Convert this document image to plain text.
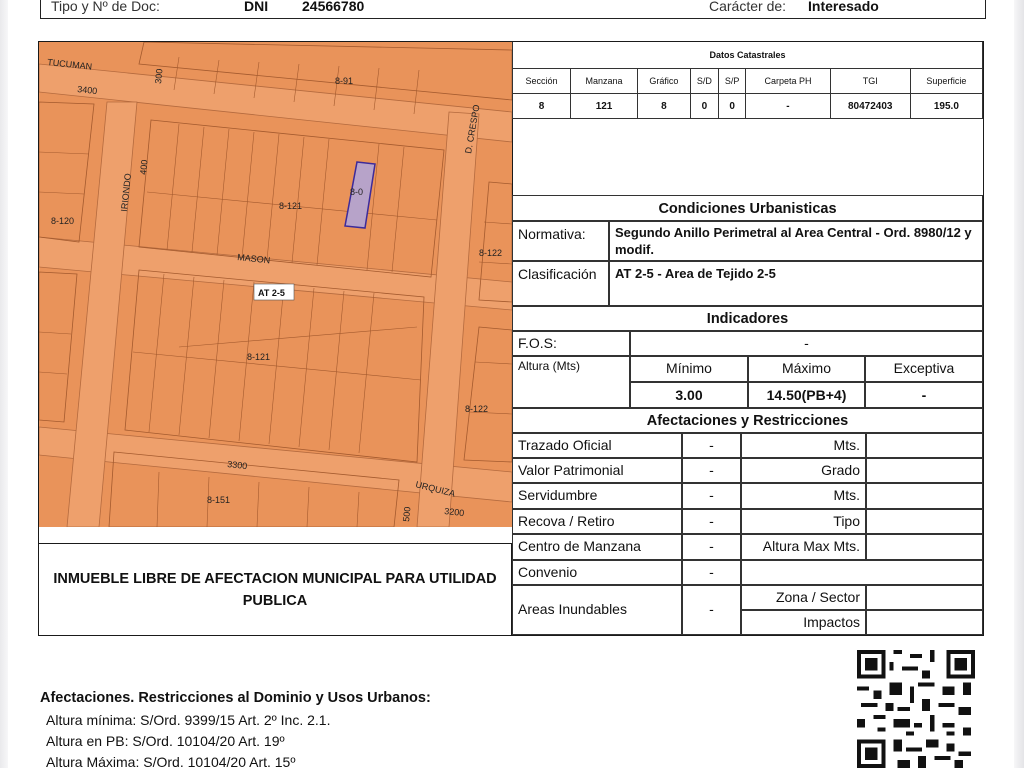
Tipo y Nº de Doc:	DNI 24566780	Carácter de: Interesado
TUCUMAN
3400
300	8-91
D. CRESPO
IRIONDO
400
8-0
8-120
8-121
MASON	8-122
8-121
8-122
3300
URQUIZA
8-151
500	3200
AT 2-5
INMUEBLE LIBRE DE AFECTACION MUNICIPAL PARA UTILIDAD PUBLICA
Datos Catastrales							
Sección	Manzana	Gráfico	S/D	S/P	Carpeta PH	TGI	Superficie
8	121	8	0	0	-	80472403	195.0
Condiciones Urbanisticas
Normativa:	Segundo Anillo Perimetral al Area Central - Ord. 8980/12 y modif.
Clasificación	AT 2-5 - Area de Tejido 2-5
Indicadores
F.O.S:	-
Altura (Mts)	Mínimo	Máximo	Exceptiva
3.00	14.50(PB+4)	-
Afectaciones y Restricciones
Trazado Oficial	-	Mts.
Valor Patrimonial	-	Grado
Servidumbre	-	Mts.
Recova / Retiro	-	Tipo
Centro de Manzana	-	Altura Max Mts.
Convenio	-
Areas Inundables	-
Zona / Sector
Impactos
Afectaciones. Restricciones al Dominio y Usos Urbanos:
Altura mínima: S/Ord. 9399/15 Art. 2º Inc. 2.1.
Altura en PB: S/Ord. 10104/20 Art. 19º
Altura Máxima: S/Ord. 10104/20 Art. 15º
